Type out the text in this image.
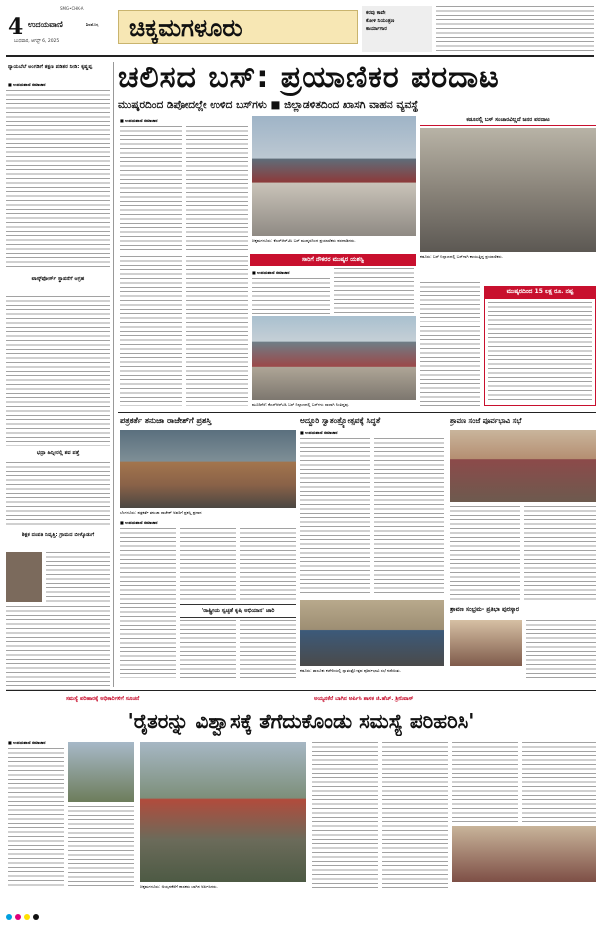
4
SMG•CHK-A
ಉದಯವಾಣಿ	ಶಿವಮೊಗ್ಗ
ಬುಧವಾರ, ಆಗಸ್ಟ್ 6, 2025	ಚಿಕ್ಕಮಗಳೂರು
ಕರವು ಕಾವೇ
ಕೋಳಿ ನಿಯಂತ್ರಣ
ಕಾರ್ಯಾಗಾರ
ನ್ಯಾಯಬೆಲೆ ಅಂಗಡಿಗೆ ತಕ್ಷಣ ಪಡಿತರ ನೀಡಿ: ಕೃಷ್ಣಪ್ಪ
■ ಉದಯವಾಣಿ ಸಮಾಚಾರ
ಟಾಸ್ಕ್‌ಫೋರ್ಸ್ ಸ್ಥಾಪನೆಗೆ ಆಗ್ರಹ
ಭದ್ರಾ ಹಿನ್ನೀರಲ್ಲಿ ಶವ ಪತ್ತೆ
ಶಿಕ್ಷಕ ದಂಪತಿ ನಿವೃತ್ತಿ: ಗ್ರಾಮದ ಬೀಳ್ಕೊಡುಗೆ
ಚಲಿಸದ ಬಸ್: ಪ್ರಯಾಣಿಕರ ಪರದಾಟ
ಮುಷ್ಕರದಿಂದ ಡಿಪೋದಲ್ಲೇ ಉಳಿದ ಬಸ್‌ಗಳು ■ ಜಿಲ್ಲಾಡಳಿತದಿಂದ ಖಾಸಗಿ ವಾಹನ ವ್ಯವಸ್ಥೆ
■ ಉದಯವಾಣಿ ಸಮಾಚಾರ
ಚಿಕ್ಕಮಗಳೂರು: ಕೆಎಸ್‌ಆರ್‌ಟಿಸಿ ಬಸ್ ಮುಷ್ಕರದಿಂದ ಪ್ರಯಾಣಿಕರು ಪರದಾಡಿದರು.
ಕಡೂರಲ್ಲಿ ಬಸ್ ಸಂಚಾರವಿಲ್ಲದೆ ಜನರ ಪರದಾಟ
ಕಡೂರು: ಬಸ್ ನಿಲ್ದಾಣದಲ್ಲಿ ಬಸ್‌ಗಾಗಿ ಕಾಯುತ್ತಿದ್ದ ಪ್ರಯಾಣಿಕರು.
ಸಾರಿಗೆ ನೌಕರರ ಮುಷ್ಕರ ಯಶಸ್ವಿ
■ ಉದಯವಾಣಿ ಸಮಾಚಾರ
ಮೂಡಿಗೆರೆ: ಕೆಎಸ್‌ಆರ್‌ಟಿಸಿ ಬಸ್ ನಿಲ್ದಾಣದಲ್ಲಿ ಬಸ್‌ಗಳು ಸಾಲಾಗಿ ನಿಂತಿದ್ದವು.
ಮುಷ್ಕರದಿಂದ 15 ಲಕ್ಷ ರೂ. ನಷ್ಟ
ಪತ್ರಕರ್ತೆ ತನುಜಾ ರಾಜೇಶ್‌ಗೆ ಪ್ರಶಸ್ತಿ
ಬೆಂಗಳೂರು: ಪತ್ರಕರ್ತೆ ತನುಜಾ ರಾಜೇಶ್ ಅವರಿಗೆ ಪ್ರಶಸ್ತಿ ಪ್ರದಾನ
■ ಉದಯವಾಣಿ ಸಮಾಚಾರ
'ರಾಷ್ಟ್ರೀಯ ಸ್ವಚ್ಛತೆ ಕೃಷಿ ಅಭಿಯಾನ' ಜಾರಿ
ಅದ್ದೂರಿ ಸ್ವಾತಂತ್ರ್ಯೋತ್ಸವಕ್ಕೆ ಸಿದ್ಧತೆ
■ ಉದಯವಾಣಿ ಸಮಾಚಾರ
ಕಡೂರು: ತಾಲೂಕು ಕಚೇರಿಯಲ್ಲಿ ಸ್ವಾತಂತ್ರ್ಯೋತ್ಸವ ಪೂರ್ವಭಾವಿ ಸಭೆ ನಡೆಯಿತು.
ಶ್ರಾವಣ ಸಂಜೆ ಪೂರ್ವಭಾವಿ ಸಭೆ
ಶ್ರಾವಣ ಸಂಭ್ರಮ- ಪ್ರತಿಭಾ ಪುರಸ್ಕಾರ
ಸಮಸ್ಯೆ ಪರಿಹಾರಕ್ಕೆ ಅಧಿಕಾರಿಗಳಿಗೆ ಸೂಚನೆ	ಅಯ್ಯನಕೆರೆ ಬಾಗಿನ ಅರ್ಪಿಸಿ ಶಾಸಕ ಜಿ.ಹೆಚ್. ಶ್ರೀನಿವಾಸ್
'ರೈತರನ್ನು ವಿಶ್ವಾಸಕ್ಕೆ ತೆಗೆದುಕೊಂಡು ಸಮಸ್ಯೆ ಪರಿಹರಿಸಿ'
■ ಉದಯವಾಣಿ ಸಮಾಚಾರ
ಚಿಕ್ಕಮಗಳೂರು: ಅಯ್ಯನಕೆರೆಗೆ ಶಾಸಕರು ಬಾಗಿನ ಅರ್ಪಿಸಿದರು.
